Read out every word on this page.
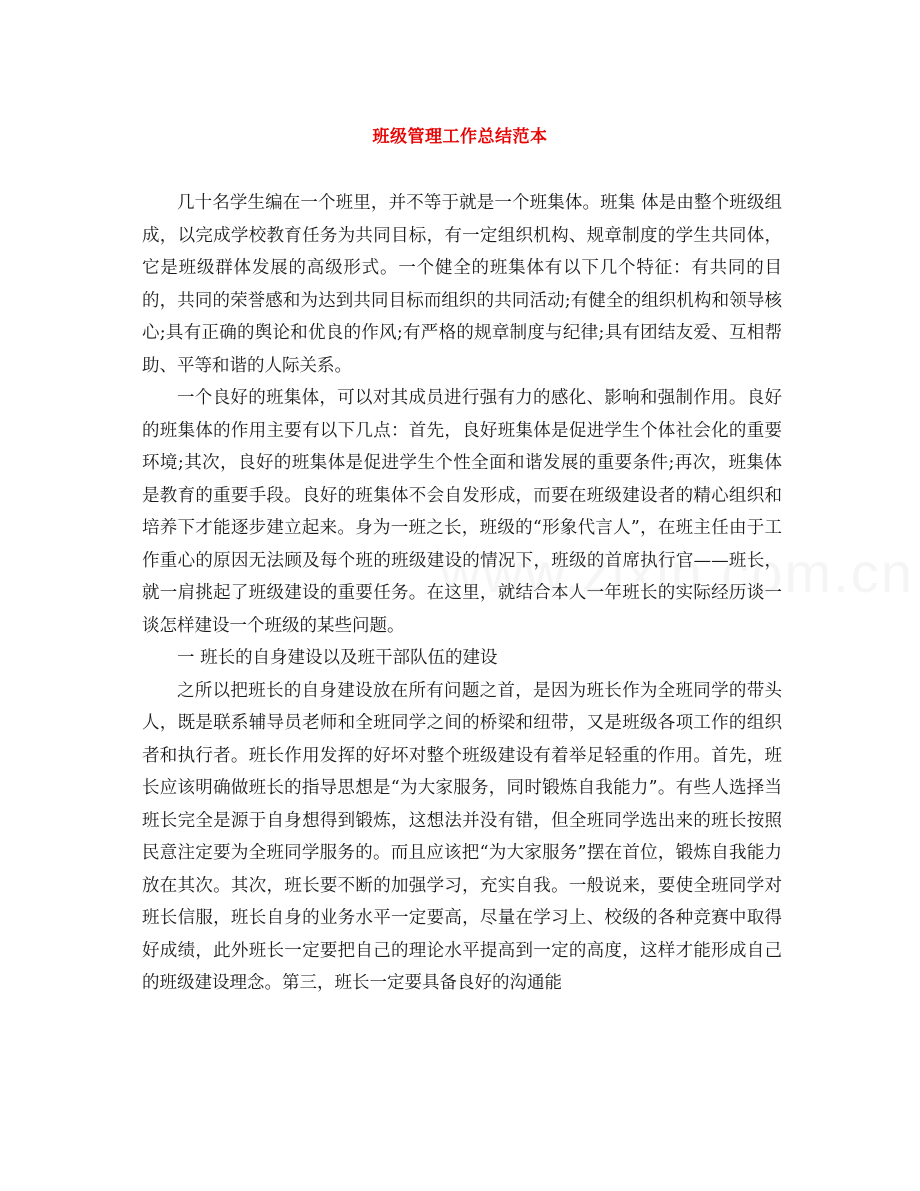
班级管理工作总结范本

几十名学生编在一个班里，并不等于就是一个班集体。班集 体是由整个班级组成，以完成学校教育任务为共同目标，有一定组织机构、规章制度的学生共同体，它是班级群体发展的高级形式。一个健全的班集体有以下几个特征：有共同的目的，共同的荣誉感和为达到共同目标而组织的共同活动;有健全的组织机构和领导核心;具有正确的舆论和优良的作风;有严格的规章制度与纪律;具有团结友爱、互相帮助、平等和谐的人际关系。

一个良好的班集体，可以对其成员进行强有力的感化、影响和强制作用。良好的班集体的作用主要有以下几点：首先，良好班集体是促进学生个体社会化的重要环境;其次，良好的班集体是促进学生个性全面和谐发展的重要条件;再次，班集体是教育的重要手段。良好的班集体不会自发形成，而要在班级建设者的精心组织和培养下才能逐步建立起来。身为一班之长，班级的“形象代言人”，在班主任由于工作重心的原因无法顾及每个班的班级建设的情况下，班级的首席执行官——班长，就一肩挑起了班级建设的重要任务。在这里，就结合本人一年班长的实际经历谈一谈怎样建设一个班级的某些问题。

一 班长的自身建设以及班干部队伍的建设

之所以把班长的自身建设放在所有问题之首，是因为班长作为全班同学的带头人，既是联系辅导员老师和全班同学之间的桥梁和纽带，又是班级各项工作的组织者和执行者。班长作用发挥的好坏对整个班级建设有着举足轻重的作用。首先，班长应该明确做班长的指导思想是“为大家服务，同时锻炼自我能力”。有些人选择当班长完全是源于自身想得到锻炼，这想法并没有错，但全班同学选出来的班长按照民意注定要为全班同学服务的。而且应该把“为大家服务”摆在首位，锻炼自我能力放在其次。其次，班长要不断的加强学习，充实自我。一般说来，要使全班同学对班长信服，班长自身的业务水平一定要高，尽量在学习上、校级的各种竞赛中取得好成绩，此外班长一定要把自己的理论水平提高到一定的高度，这样才能形成自己的班级建设理念。第三，班长一定要具备良好的沟通能
